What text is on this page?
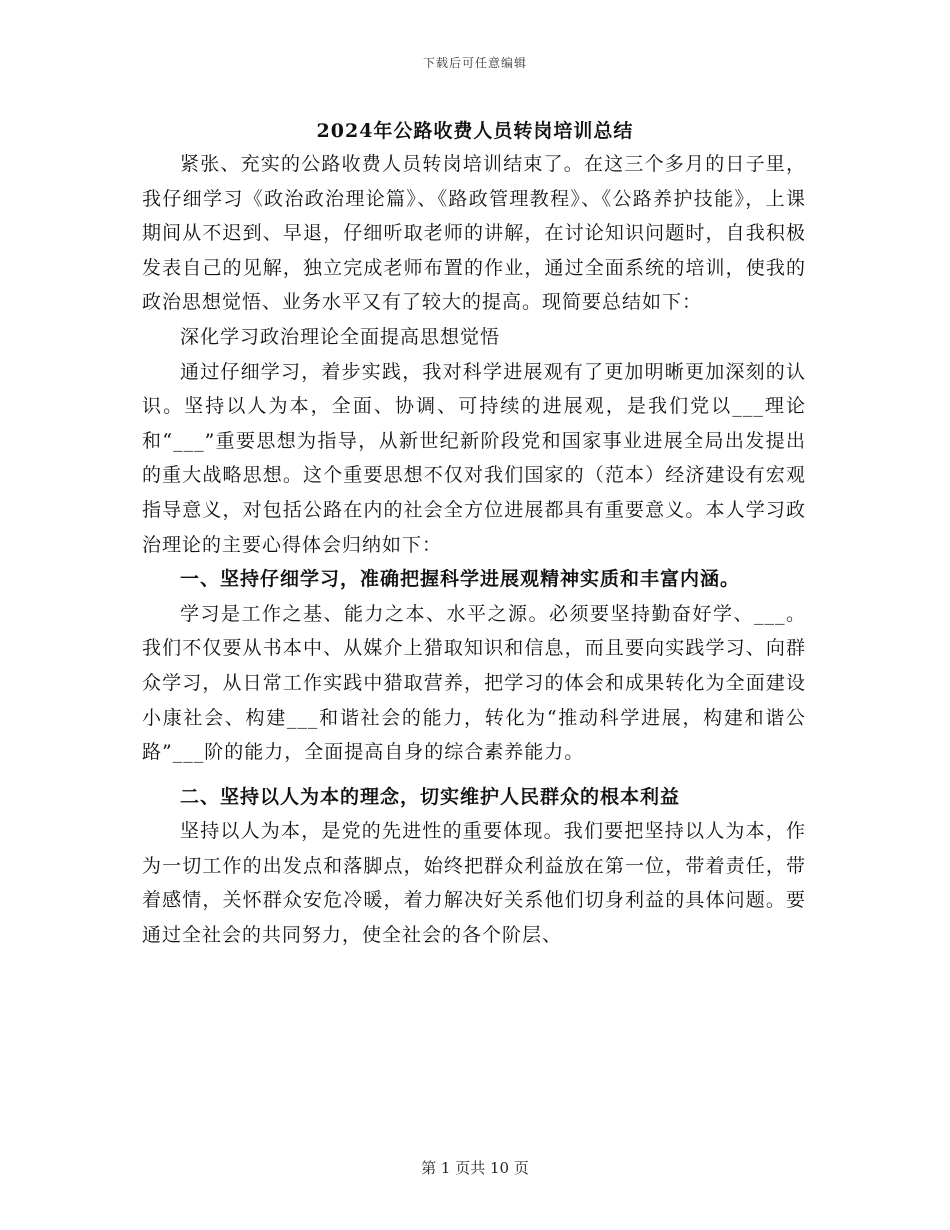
下载后可任意编辑
2024年公路收费人员转岗培训总结

紧张、充实的公路收费人员转岗培训结束了。在这三个多月的日子里，我仔细学习《政治政治理论篇》、《路政管理教程》、《公路养护技能》，上课期间从不迟到、早退，仔细听取老师的讲解，在讨论知识问题时，自我积极发表自己的见解，独立完成老师布置的作业，通过全面系统的培训，使我的政治思想觉悟、业务水平又有了较大的提高。现简要总结如下：

深化学习政治理论全面提高思想觉悟

通过仔细学习，着步实践，我对科学进展观有了更加明晰更加深刻的认识。坚持以人为本，全面、协调、可持续的进展观，是我们党以___理论和“___”重要思想为指导，从新世纪新阶段党和国家事业进展全局出发提出的重大战略思想。这个重要思想不仅对我们国家的（范本）经济建设有宏观指导意义，对包括公路在内的社会全方位进展都具有重要意义。本人学习政治理论的主要心得体会归纳如下：

一、坚持仔细学习，准确把握科学进展观精神实质和丰富内涵。

学习是工作之基、能力之本、水平之源。必须要坚持勤奋好学、___。我们不仅要从书本中、从媒介上猎取知识和信息，而且要向实践学习、向群众学习，从日常工作实践中猎取营养，把学习的体会和成果转化为全面建设小康社会、构建___和谐社会的能力，转化为“推动科学进展，构建和谐公路”___阶的能力，全面提高自身的综合素养能力。

二、坚持以人为本的理念，切实维护人民群众的根本利益

坚持以人为本，是党的先进性的重要体现。我们要把坚持以人为本，作为一切工作的出发点和落脚点，始终把群众利益放在第一位，带着责任，带着感情，关怀群众安危冷暖，着力解决好关系他们切身利益的具体问题。要通过全社会的共同努力，使全社会的各个阶层、

第 1 页共 10 页
